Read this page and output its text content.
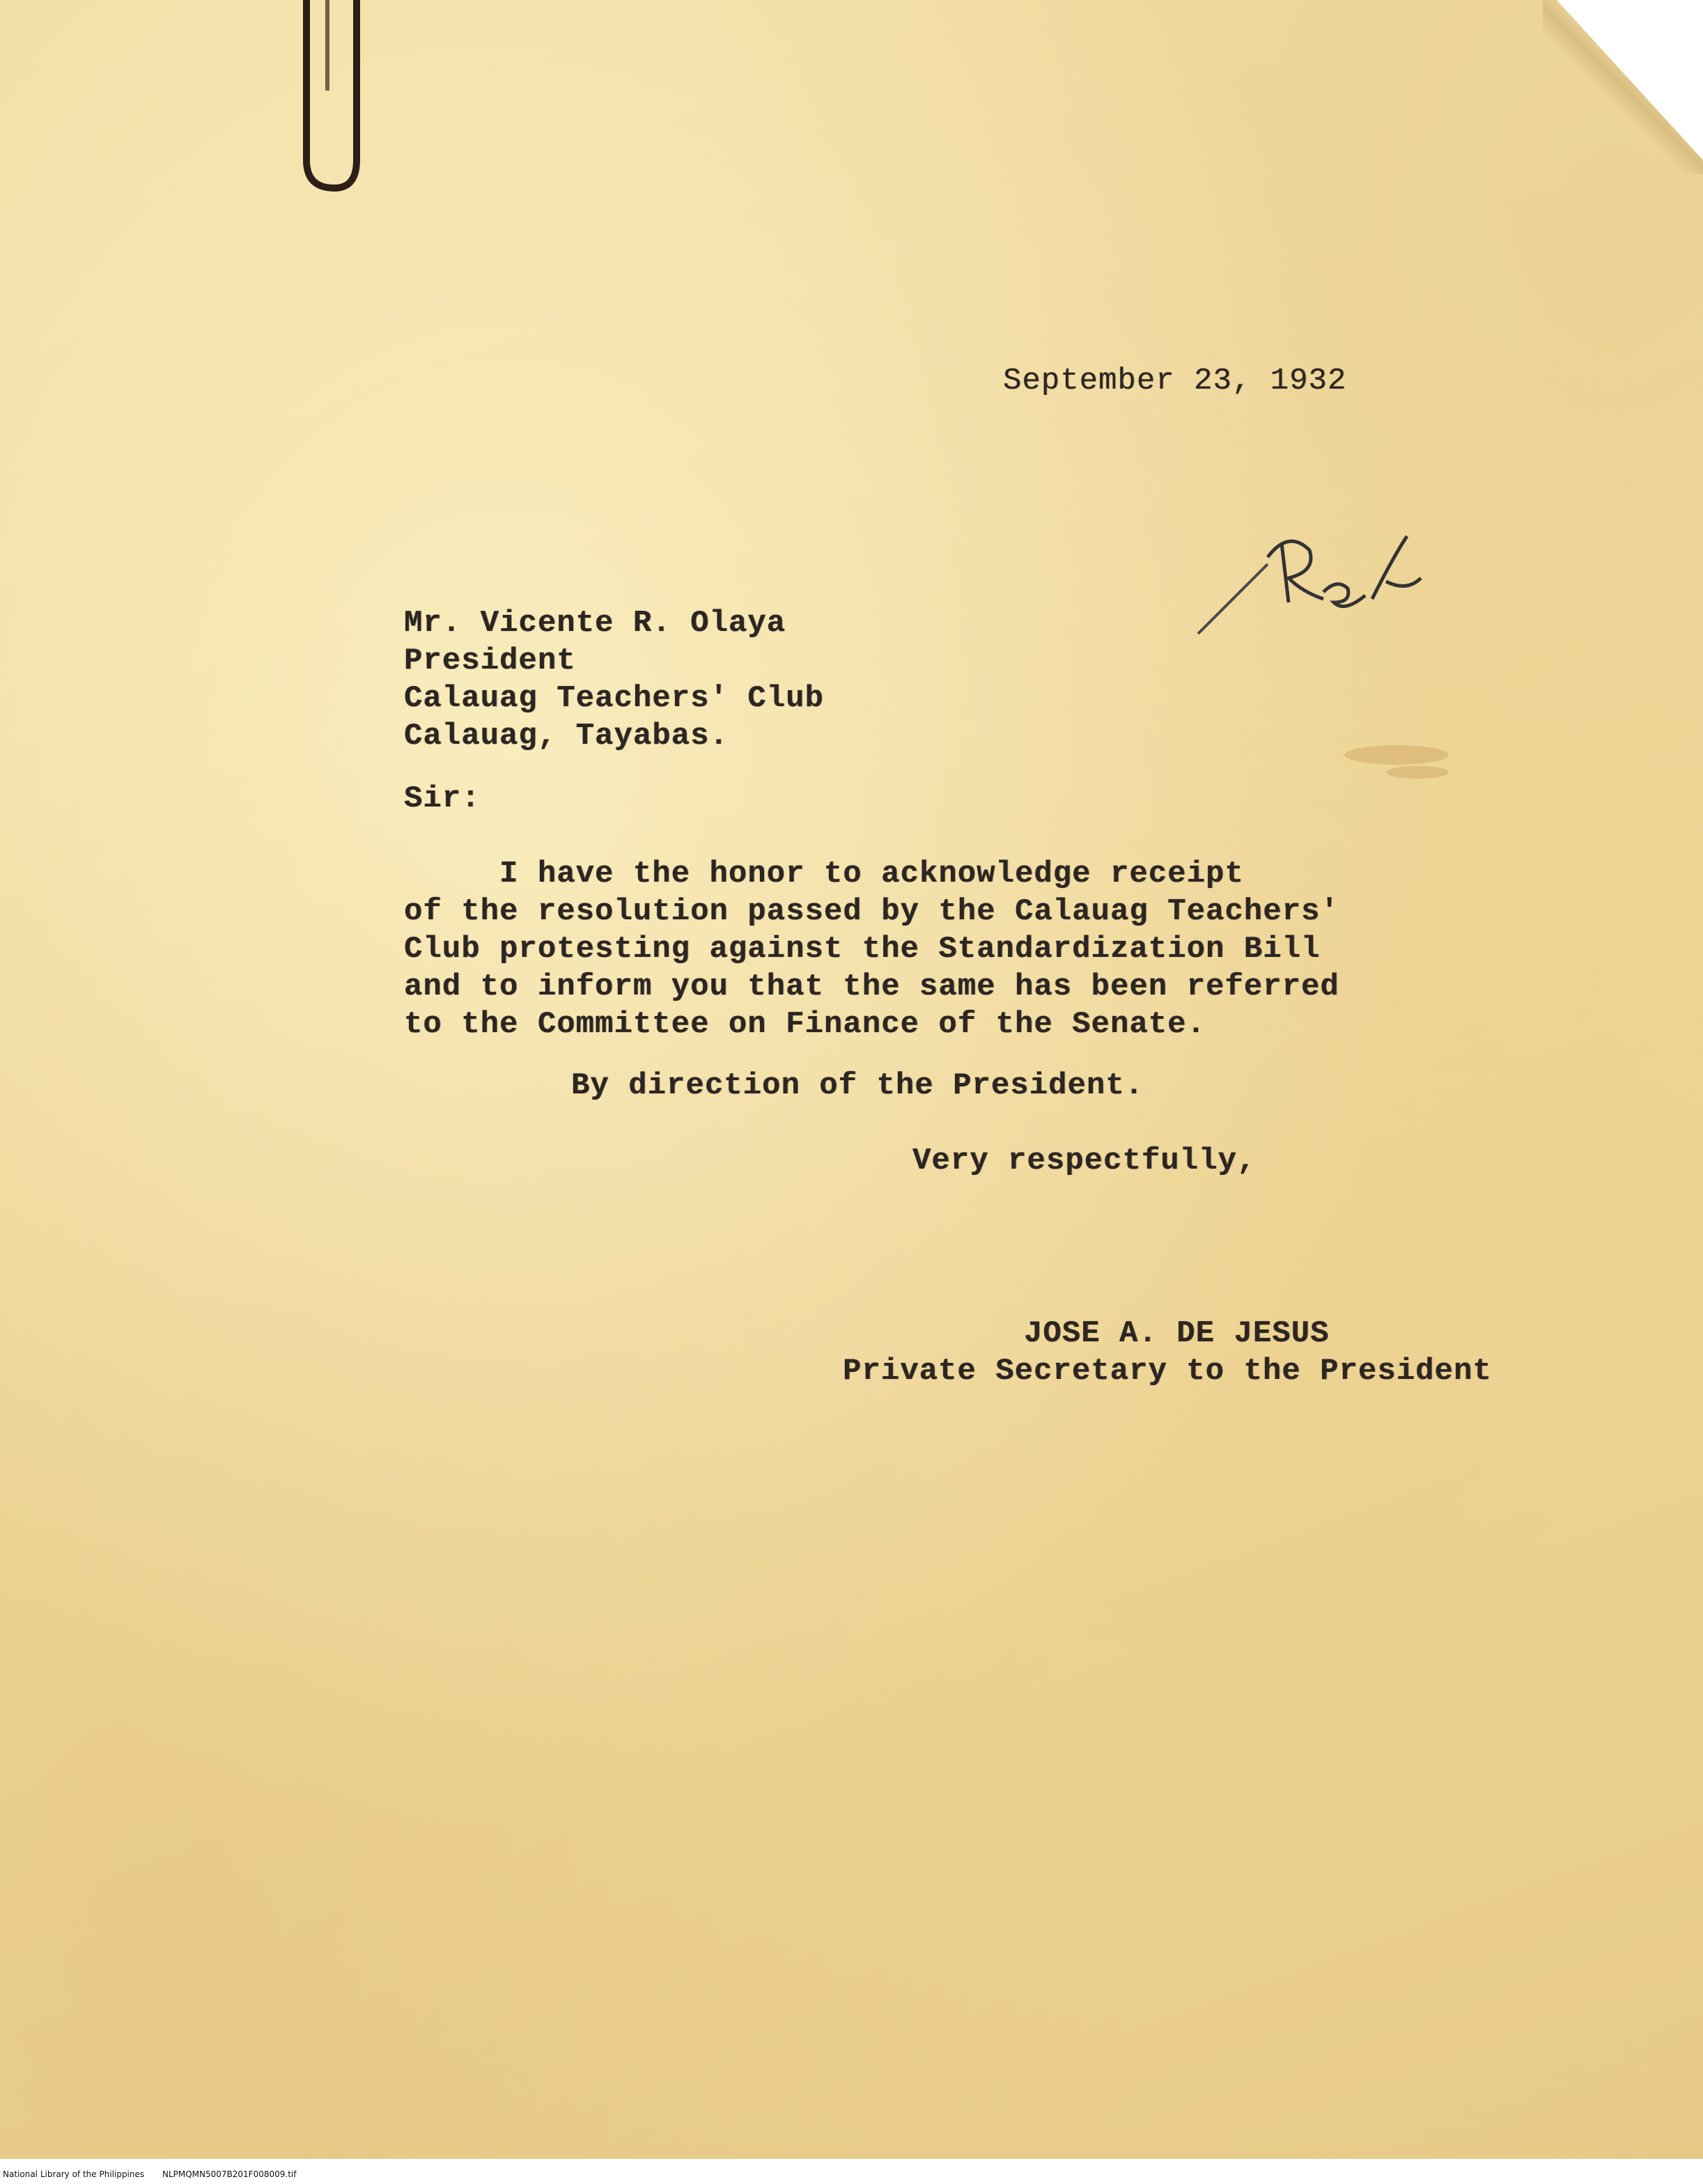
September 23, 1932
Mr. Vicente R. Olaya
President
Calauag Teachers' Club
Calauag, Tayabas.
Sir:
I have the honor to acknowledge receipt
of the resolution passed by the Calauag Teachers'
Club protesting against the Standardization Bill
and to inform you that the same has been referred
to the Committee on Finance of the Senate.
By direction of the President.
Very respectfully,
JOSE A. DE JESUS
Private Secretary to the President
National Library of the Philippines NLPMQMN5007B201F008009.tif
